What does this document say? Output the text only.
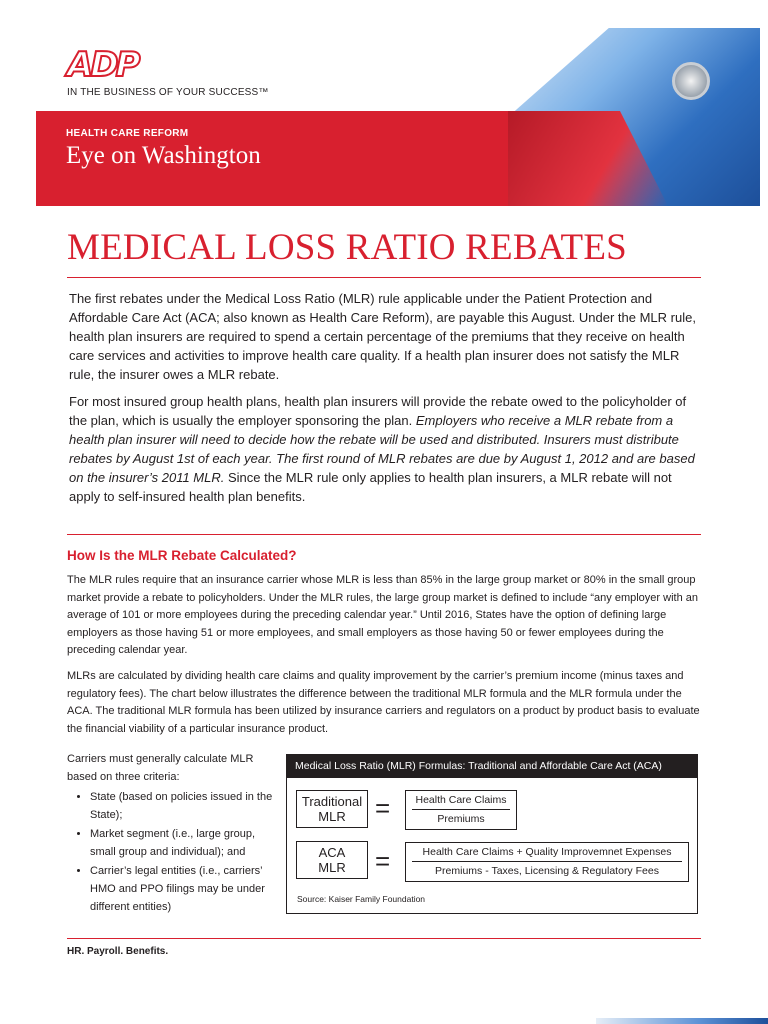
ADP
IN THE BUSINESS OF YOUR SUCCESS™
HEALTH CARE REFORM
Eye on Washington
MEDICAL LOSS RATIO REBATES
The first rebates under the Medical Loss Ratio (MLR) rule applicable under the Patient Protection and Affordable Care Act (ACA; also known as Health Care Reform), are payable this August. Under the MLR rule, health plan insurers are required to spend a certain percentage of the premiums that they receive on health care services and activities to improve health care quality. If a health plan insurer does not satisfy the MLR rule, the insurer owes a MLR rebate.
For most insured group health plans, health plan insurers will provide the rebate owed to the policyholder of the plan, which is usually the employer sponsoring the plan. Employers who receive a MLR rebate from a health plan insurer will need to decide how the rebate will be used and distributed. Insurers must distribute rebates by August 1st of each year. The first round of MLR rebates are due by August 1, 2012 and are based on the insurer’s 2011 MLR. Since the MLR rule only applies to health plan insurers, a MLR rebate will not apply to self-insured health plan benefits.
How Is the MLR Rebate Calculated?
The MLR rules require that an insurance carrier whose MLR is less than 85% in the large group market or 80% in the small group market provide a rebate to policyholders. Under the MLR rules, the large group market is defined to include “any employer with an average of 101 or more employees during the preceding calendar year.” Until 2016, States have the option of defining large employers as those having 51 or more employees, and small employers as those having 50 or fewer employees during the preceding calendar year.
MLRs are calculated by dividing health care claims and quality improvement by the carrier’s premium income (minus taxes and regulatory fees). The chart below illustrates the difference between the traditional MLR formula and the MLR formula under the ACA. The traditional MLR formula has been utilized by insurance carriers and regulators on a product by product basis to evaluate the financial viability of a particular insurance product.
Carriers must generally calculate MLR based on three criteria:
• State (based on policies issued in the State);
• Market segment (i.e., large group, small group and individual); and
• Carrier’s legal entities (i.e., carriers’ HMO and PPO filings may be under different entities)
Medical Loss Ratio (MLR) Formulas: Traditional and Affordable Care Act (ACA)
Traditional
MLR =	Health Care Claims
Premiums
ACA
MLR =	Health Care Claims + Quality Improvemnet Expenses
Premiums - Taxes, Licensing & Regulatory Fees
Source: Kaiser Family Foundation
HR. Payroll. Benefits.
